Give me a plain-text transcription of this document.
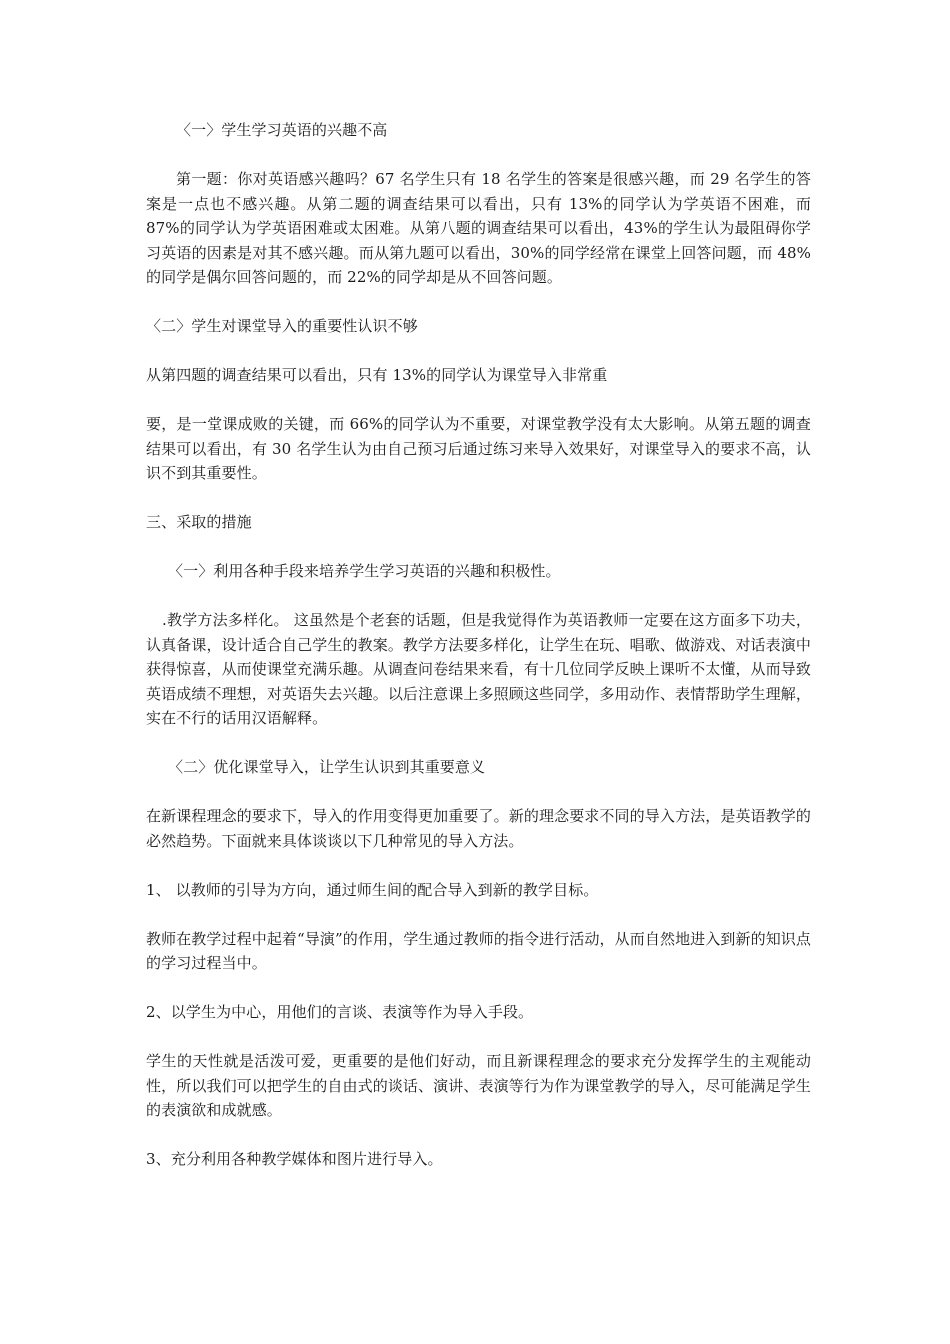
〈一〉学生学习英语的兴趣不高

第一题：你对英语感兴趣吗？67 名学生只有 18 名学生的答案是很感兴趣，而 29 名学生的答案是一点也不感兴趣。从第二题的调查结果可以看出，只有 13%的同学认为学英语不困难，而 87%的同学认为学英语困难或太困难。从第八题的调查结果可以看出，43%的学生认为最阻碍你学习英语的因素是对其不感兴趣。而从第九题可以看出，30%的同学经常在课堂上回答问题，而 48%的同学是偶尔回答问题的，而 22%的同学却是从不回答问题。

〈二〉学生对课堂导入的重要性认识不够

从第四题的调查结果可以看出，只有 13%的同学认为课堂导入非常重

要，是一堂课成败的关键，而 66%的同学认为不重要，对课堂教学没有太大影响。从第五题的调查结果可以看出，有 30 名学生认为由自己预习后通过练习来导入效果好，对课堂导入的要求不高，认识不到其重要性。

三、采取的措施

〈一〉利用各种手段来培养学生学习英语的兴趣和积极性。

.教学方法多样化。 这虽然是个老套的话题，但是我觉得作为英语教师一定要在这方面多下功夫，认真备课，设计适合自己学生的教案。教学方法要多样化，让学生在玩、唱歌、做游戏、对话表演中获得惊喜，从而使课堂充满乐趣。从调查问卷结果来看，有十几位同学反映上课听不太懂，从而导致英语成绩不理想，对英语失去兴趣。以后注意课上多照顾这些同学，多用动作、表情帮助学生理解，实在不行的话用汉语解释。

〈二〉优化课堂导入，让学生认识到其重要意义

在新课程理念的要求下，导入的作用变得更加重要了。新的理念要求不同的导入方法，是英语教学的必然趋势。下面就来具体谈谈以下几种常见的导入方法。

1、 以教师的引导为方向，通过师生间的配合导入到新的教学目标。

教师在教学过程中起着“导演”的作用，学生通过教师的指令进行活动，从而自然地进入到新的知识点的学习过程当中。

2、以学生为中心，用他们的言谈、表演等作为导入手段。

学生的天性就是活泼可爱，更重要的是他们好动，而且新课程理念的要求充分发挥学生的主观能动性，所以我们可以把学生的自由式的谈话、演讲、表演等行为作为课堂教学的导入，尽可能满足学生的表演欲和成就感。

3、充分利用各种教学媒体和图片进行导入。
